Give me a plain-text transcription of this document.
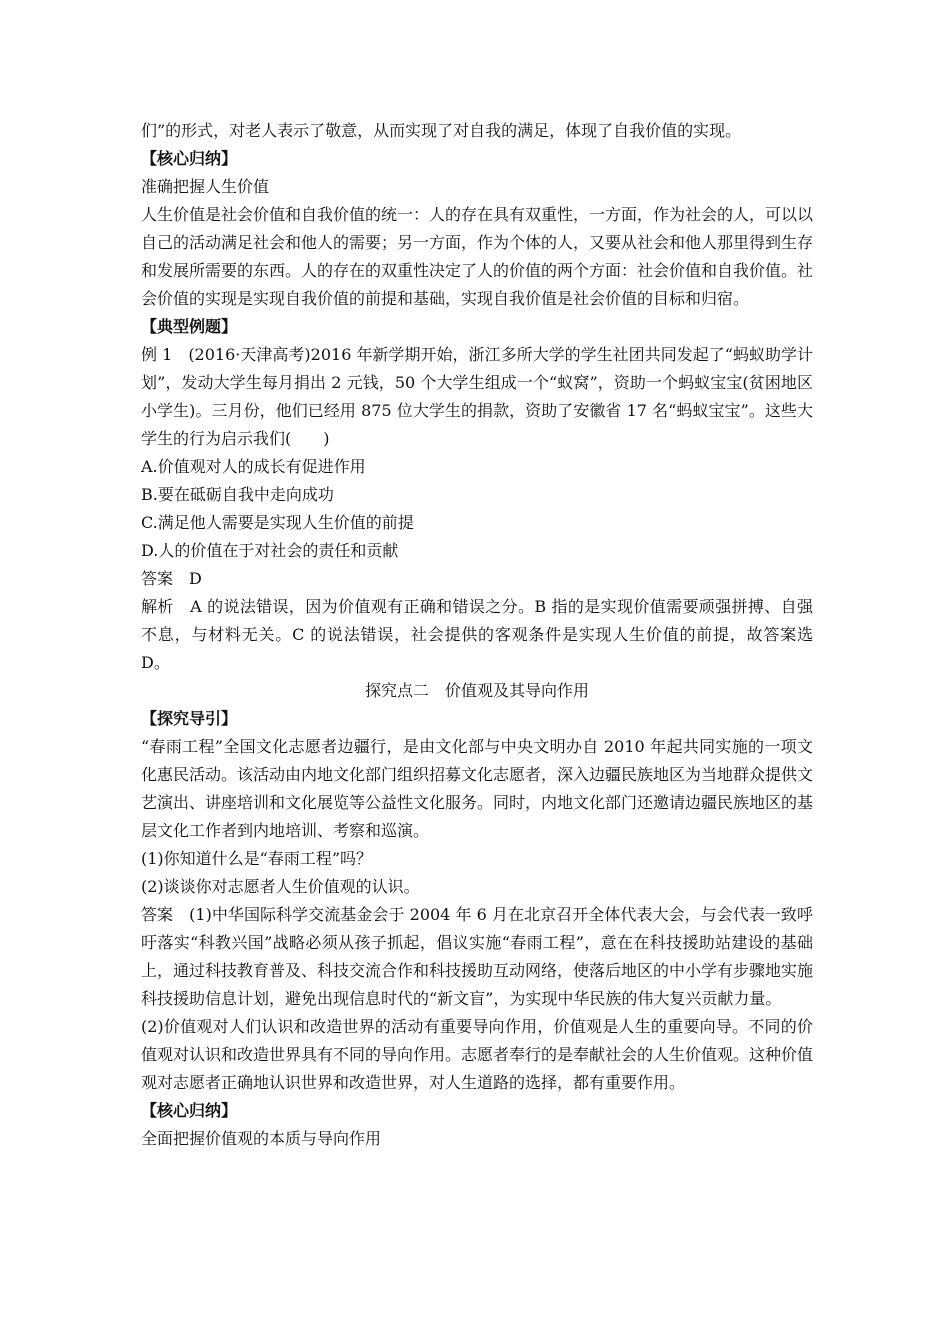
们”的形式，对老人表示了敬意，从而实现了对自我的满足，体现了自我价值的实现。

【核心归纳】

准确把握人生价值

人生价值是社会价值和自我价值的统一：人的存在具有双重性，一方面，作为社会的人，可以以自己的活动满足社会和他人的需要；另一方面，作为个体的人，又要从社会和他人那里得到生存和发展所需要的东西。人的存在的双重性决定了人的价值的两个方面：社会价值和自我价值。社会价值的实现是实现自我价值的前提和基础，实现自我价值是社会价值的目标和归宿。

【典型例题】

例 1　(2016·天津高考)2016 年新学期开始，浙江多所大学的学生社团共同发起了“蚂蚁助学计划”，发动大学生每月捐出 2 元钱，50 个大学生组成一个“蚁窝”，资助一个蚂蚁宝宝(贫困地区小学生)。三月份，他们已经用 875 位大学生的捐款，资助了安徽省 17 名“蚂蚁宝宝”。这些大学生的行为启示我们(　　)

A.价值观对人的成长有促进作用

B.要在砥砺自我中走向成功

C.满足他人需要是实现人生价值的前提

D.人的价值在于对社会的责任和贡献

答案　D

解析　A 的说法错误，因为价值观有正确和错误之分。B 指的是实现价值需要顽强拼搏、自强不息，与材料无关。C 的说法错误，社会提供的客观条件是实现人生价值的前提，故答案选 D。

探究点二　价值观及其导向作用

【探究导引】

“春雨工程”全国文化志愿者边疆行，是由文化部与中央文明办自 2010 年起共同实施的一项文化惠民活动。该活动由内地文化部门组织招募文化志愿者，深入边疆民族地区为当地群众提供文艺演出、讲座培训和文化展览等公益性文化服务。同时，内地文化部门还邀请边疆民族地区的基层文化工作者到内地培训、考察和巡演。

(1)你知道什么是“春雨工程”吗？

(2)谈谈你对志愿者人生价值观的认识。

答案　(1)中华国际科学交流基金会于 2004 年 6 月在北京召开全体代表大会，与会代表一致呼吁落实“科教兴国”战略必须从孩子抓起，倡议实施“春雨工程”，意在在科技援助站建设的基础上，通过科技教育普及、科技交流合作和科技援助互动网络，使落后地区的中小学有步骤地实施科技援助信息计划，避免出现信息时代的“新文盲”，为实现中华民族的伟大复兴贡献力量。

(2)价值观对人们认识和改造世界的活动有重要导向作用，价值观是人生的重要向导。不同的价值观对认识和改造世界具有不同的导向作用。志愿者奉行的是奉献社会的人生价值观。这种价值观对志愿者正确地认识世界和改造世界，对人生道路的选择，都有重要作用。

【核心归纳】

全面把握价值观的本质与导向作用
